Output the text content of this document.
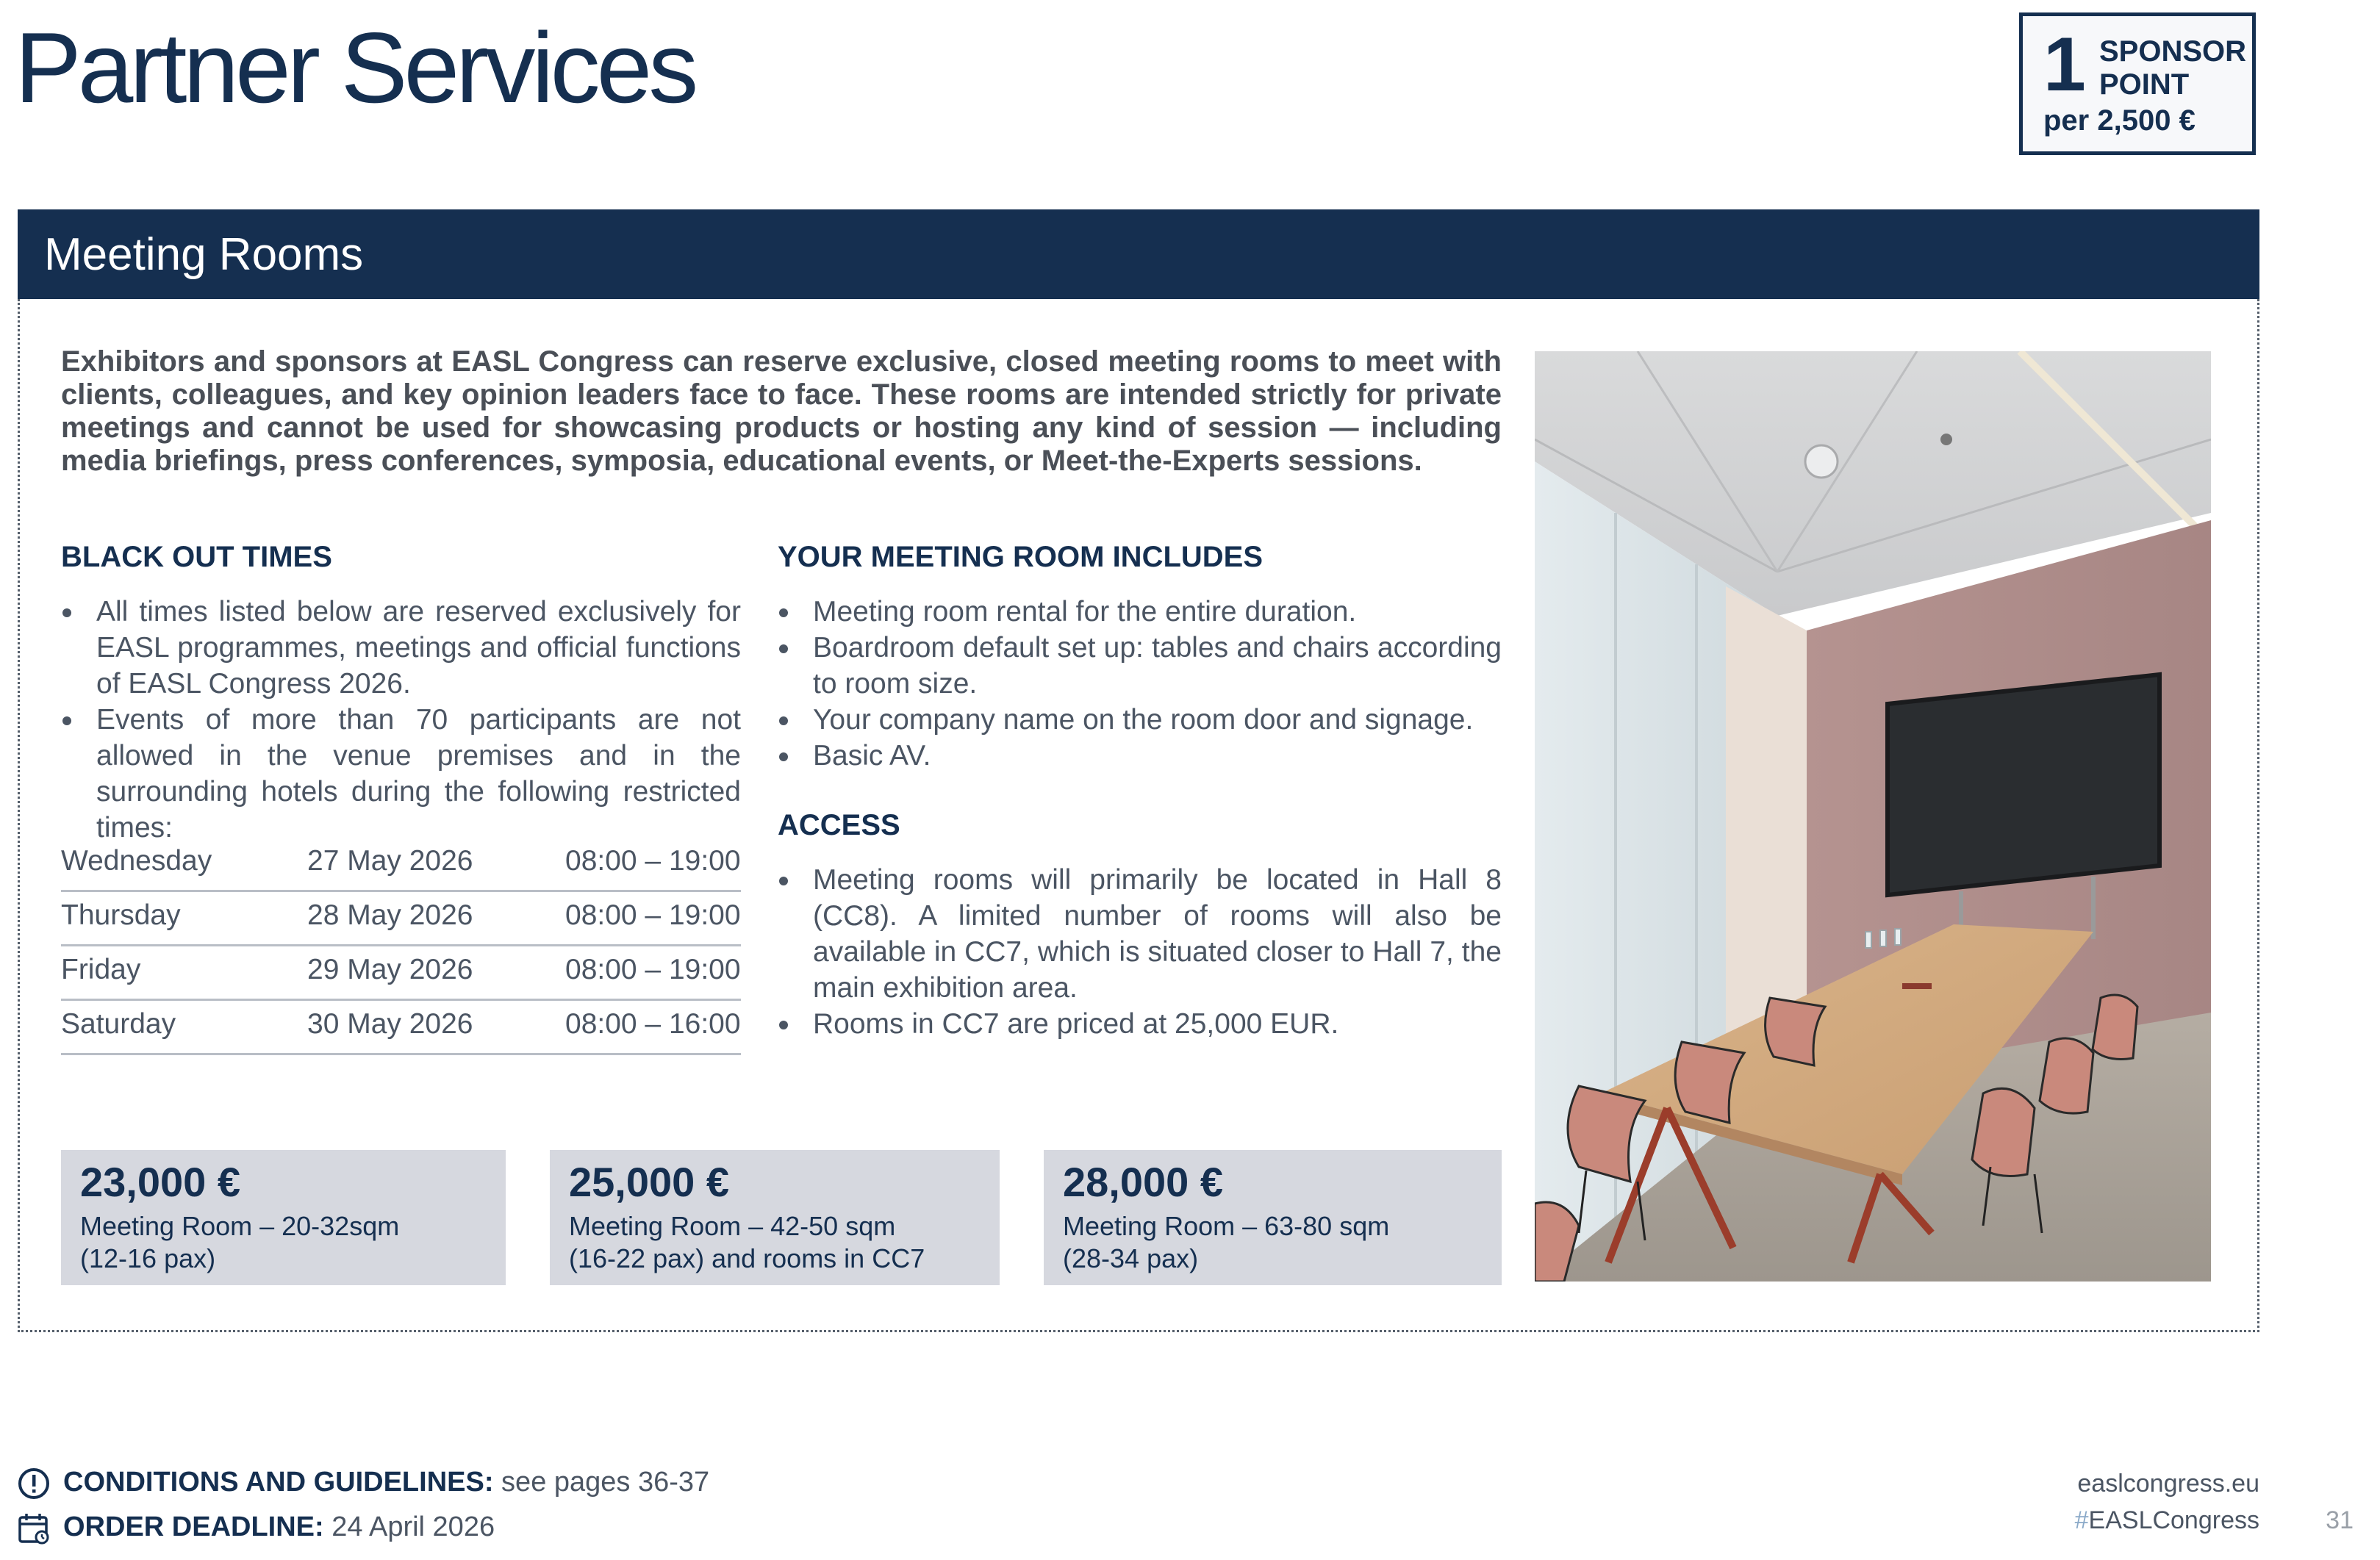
Partner Services	1 SPONSOR POINT
per 2,500 €
Meeting Rooms
Exhibitors and sponsors at EASL Congress can reserve exclusive, closed meeting rooms to meet with clients, colleagues, and key opinion leaders face to face. These rooms are intended strictly for private meetings and cannot be used for showcasing products or hosting any kind of session — including media briefings, press conferences, symposia, educational events, or Meet-the-Experts sessions.
BLACK OUT TIMES
All times listed below are reserved exclusively for EASL programmes, meetings and official functions of EASL Congress 2026.
Events of more than 70 participants are not allowed in the venue premises and in the surrounding hotels during the following restricted times:
Wednesday	27 May 2026	08:00 – 19:00
Thursday	28 May 2026	08:00 – 19:00
Friday	29 May 2026	08:00 – 19:00
Saturday	30 May 2026	08:00 – 16:00
YOUR MEETING ROOM INCLUDES
Meeting room rental for the entire duration.
Boardroom default set up: tables and chairs according to room size.
Your company name on the room door and signage.
Basic AV.
ACCESS
Meeting rooms will primarily be located in Hall 8 (CC8). A limited number of rooms will also be available in CC7, which is situated closer to Hall 7, the main exhibition area.
Rooms in CC7 are priced at 25,000 EUR.
23,000 €
Meeting Room – 20-32sqm
(12-16 pax)
25,000 €
Meeting Room – 42-50 sqm
(16-22 pax) and rooms in CC7
28,000 €
Meeting Room – 63-80 sqm
(28-34 pax)
CONDITIONS AND GUIDELINES: see pages 36-37
ORDER DEADLINE: 24 April 2026
easlcongress.eu
#EASLCongress	31
